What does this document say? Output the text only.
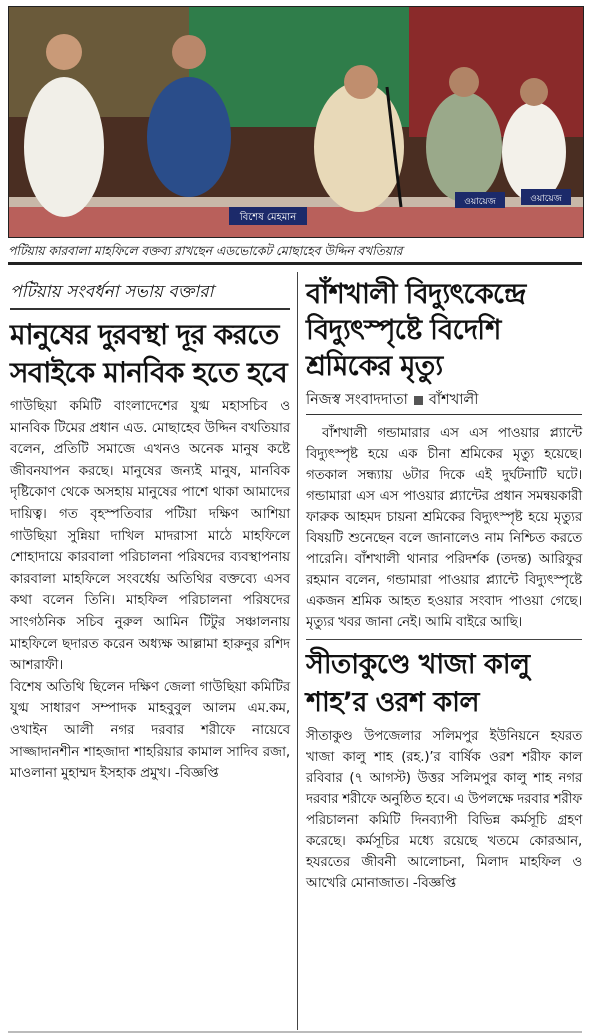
বিশেষ মেহমান
ওয়ায়েজ	ওয়ায়েজ
পটিয়ায় কারবালা মাহফিলে বক্তব্য রাখছেন এডভোকেট মোছাহেব উদ্দিন বখতিয়ার
পটিয়ায় সংবর্ধনা সভায় বক্তারা
মানুষের দুরবস্থা দূর করতে সবাইকে মানবিক হতে হবে

গাউছিয়া কমিটি বাংলাদেশের যুগ্ম মহাসচিব ও মানবিক টিমের প্রধান এড. মোছাহেব উদ্দিন বখতিয়ার বলেন, প্রতিটি সমাজে এখনও অনেক মানুষ কষ্টে জীবনযাপন করছে। মানুষের জন্যই মানুষ, মানবিক দৃষ্টিকোণ থেকে অসহায় মানুষের পাশে থাকা আমাদের দায়িত্ব। গত বৃহস্পতিবার পটিয়া দক্ষিণ আশিয়া গাউছিয়া সুন্নিয়া দাখিল মাদরাসা মাঠে মাহফিলে শোহাদায়ে কারবালা পরিচালনা পরিষদের ব্যবস্থাপনায় কারবালা মাহফিলে সংবর্ধেয় অতিথির বক্তব্যে এসব কথা বলেন তিনি। মাহফিল পরিচালনা পরিষদের সাংগঠনিক সচিব নুরুল আমিন টিটুর সঞ্চালনায় মাহফিলে ছদারত করেন অধ্যক্ষ আল্লামা হারুনুর রশিদ আশরাফী।

বিশেষ অতিথি ছিলেন দক্ষিণ জেলা গাউছিয়া কমিটির যুগ্ম সাধারণ সম্পাদক মাহবুবুল আলম এম.কম, ওখাইন আলী নগর দরবার শরীফে নায়েবে সাজ্জাদানশীন শাহজাদা শাহরিয়ার কামাল সাদিব রজা, মাওলানা মুহাম্মদ ইসহাক প্রমুখ। -বিজ্ঞপ্তি

বাঁশখালী বিদ্যুৎকেন্দ্রে বিদ্যুৎস্পৃষ্টে বিদেশি শ্রমিকের মৃত্যু
নিজস্ব সংবাদদাতা বাঁশখালী

বাঁশখালী গন্ডামারার এস এস পাওয়ার প্ল্যান্টে বিদ্যুৎস্পৃষ্ট হয়ে এক চীনা শ্রমিকের মৃত্যু হয়েছে। গতকাল সন্ধ্যায় ৬টার দিকে এই দুর্ঘটনাটি ঘটে। গন্ডামারা এস এস পাওয়ার প্ল্যান্টের প্রধান সমন্বয়কারী ফারুক আহমদ চায়না শ্রমিকের বিদ্যুৎস্পৃষ্ট হয়ে মৃত্যুর বিষয়টি শুনেছেন বলে জানালেও নাম নিশ্চিত করতে পারেনি। বাঁশখালী থানার পরিদর্শক (তদন্ত) আরিফুর রহমান বলেন, গন্ডামারা পাওয়ার প্ল্যান্টে বিদ্যুৎস্পৃষ্টে একজন শ্রমিক আহত হওয়ার সংবাদ পাওয়া গেছে। মৃত্যুর খবর জানা নেই। আমি বাইরে আছি।

সীতাকুণ্ডে খাজা কালু শাহ’র ওরশ কাল

সীতাকুণ্ড উপজেলার সলিমপুর ইউনিয়নে হযরত খাজা কালু শাহ (রহ.)’র বার্ষিক ওরশ শরীফ কাল রবিবার (৭ আগস্ট) উত্তর সলিমপুর কালু শাহ নগর দরবার শরীফে অনুষ্ঠিত হবে। এ উপলক্ষে দরবার শরীফ পরিচালনা কমিটি দিনব্যাপী বিভিন্ন কর্মসূচি গ্রহণ করেছে। কর্মসূচির মধ্যে রয়েছে খতমে কোরআন, হযরতের জীবনী আলোচনা, মিলাদ মাহফিল ও আখেরি মোনাজাত। -বিজ্ঞপ্তি
